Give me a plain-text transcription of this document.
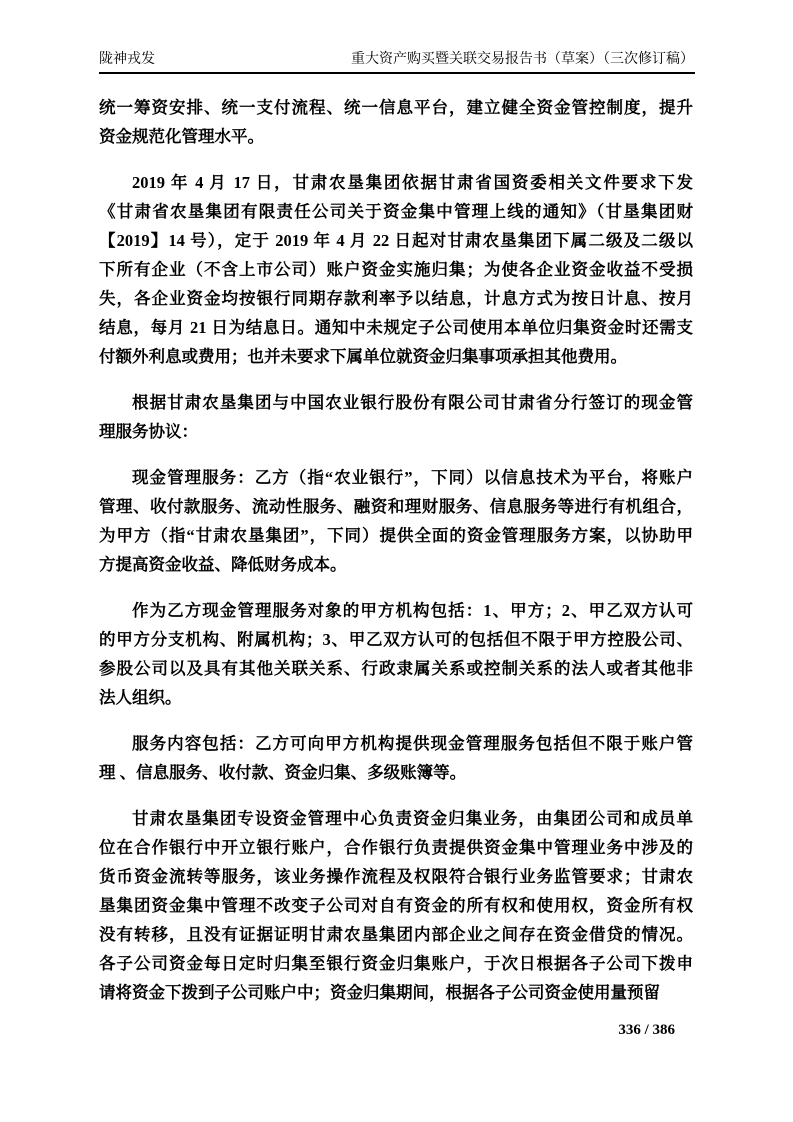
陇神戎发	重大资产购买暨关联交易报告书（草案）（三次修订稿）
统一筹资安排、统一支付流程、统一信息平台，建立健全资金管控制度，提升
资金规范化管理水平。
2019 年 4 月 17 日，甘肃农垦集团依据甘肃省国资委相关文件要求下发
《甘肃省农垦集团有限责任公司关于资金集中管理上线的通知》（甘垦集团财
【2019】14 号），定于 2019 年 4 月 22 日起对甘肃农垦集团下属二级及二级以
下所有企业（不含上市公司）账户资金实施归集；为使各企业资金收益不受损
失，各企业资金均按银行同期存款利率予以结息，计息方式为按日计息、按月
结息，每月 21 日为结息日。通知中未规定子公司使用本单位归集资金时还需支
付额外利息或费用；也并未要求下属单位就资金归集事项承担其他费用。
根据甘肃农垦集团与中国农业银行股份有限公司甘肃省分行签订的现金管
理服务协议：
现金管理服务：乙方（指“农业银行”，下同）以信息技术为平台，将账户
管理、收付款服务、流动性服务、融资和理财服务、信息服务等进行有机组合，
为甲方（指“甘肃农垦集团”，下同）提供全面的资金管理服务方案，以协助甲
方提高资金收益、降低财务成本。
作为乙方现金管理服务对象的甲方机构包括：1、甲方；2、甲乙双方认可
的甲方分支机构、附属机构；3、甲乙双方认可的包括但不限于甲方控股公司、
参股公司以及具有其他关联关系、行政隶属关系或控制关系的法人或者其他非
法人组织。
服务内容包括：乙方可向甲方机构提供现金管理服务包括但不限于账户管
理 、信息服务、收付款、资金归集、多级账簿等。
甘肃农垦集团专设资金管理中心负责资金归集业务，由集团公司和成员单
位在合作银行中开立银行账户，合作银行负责提供资金集中管理业务中涉及的
货币资金流转等服务，该业务操作流程及权限符合银行业务监管要求；甘肃农
垦集团资金集中管理不改变子公司对自有资金的所有权和使用权，资金所有权
没有转移，且没有证据证明甘肃农垦集团内部企业之间存在资金借贷的情况。
各子公司资金每日定时归集至银行资金归集账户，于次日根据各子公司下拨申
请将资金下拨到子公司账户中；资金归集期间，根据各子公司资金使用量预留
336 / 386
